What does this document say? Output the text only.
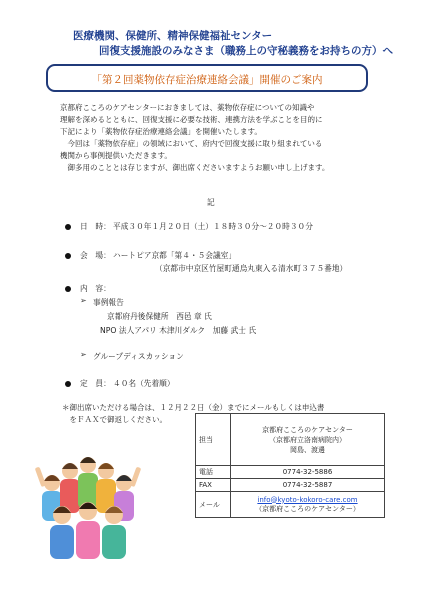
医療機関、保健所、精神保健福祉センター
回復支援施設のみなさま（職務上の守秘義務をお持ちの方）へ
「第２回薬物依存症治療連絡会議」開催のご案内
京都府こころのケアセンターにおきましては、薬物依存症についての知識や
理解を深めるとともに、回復支援に必要な技術、連携方法を学ぶことを目的に
下記により「薬物依存症治療連絡会議」を開催いたします。
　今回は「薬物依存症」の領域において、府内で回復支援に取り組まれている
機関から事例提供いただきます。
　御多用のこととは存じますが、御出席くださいますようお願い申し上げます。
記
日　時： 平成３０年１月２０日（土）１８時３０分～２０時３０分
会　場： ハートピア京都「第４・５会議室」
（京都市中京区竹屋町通烏丸東入る清水町３７５番地）
内　容：
➢ 事例報告
京都府丹後保健所　西邑 章 氏
NPO 法人アパリ 木津川ダルク　加藤 武士 氏
➢ グループディスカッション
定　員： ４０名（先着順）
＊御出席いただける場合は、１２月２２日（金）までにメールもしくは申込書
　をＦＡＸで御返しください。
担当	京都府こころのケアセンター
（京都府立洛南病院内）
岡島、渡邊

電話	0774-32-5886
FAX	0774-32-5887
メール	info@kyoto-kokoro-care.com
（京都府こころのケアセンター）
